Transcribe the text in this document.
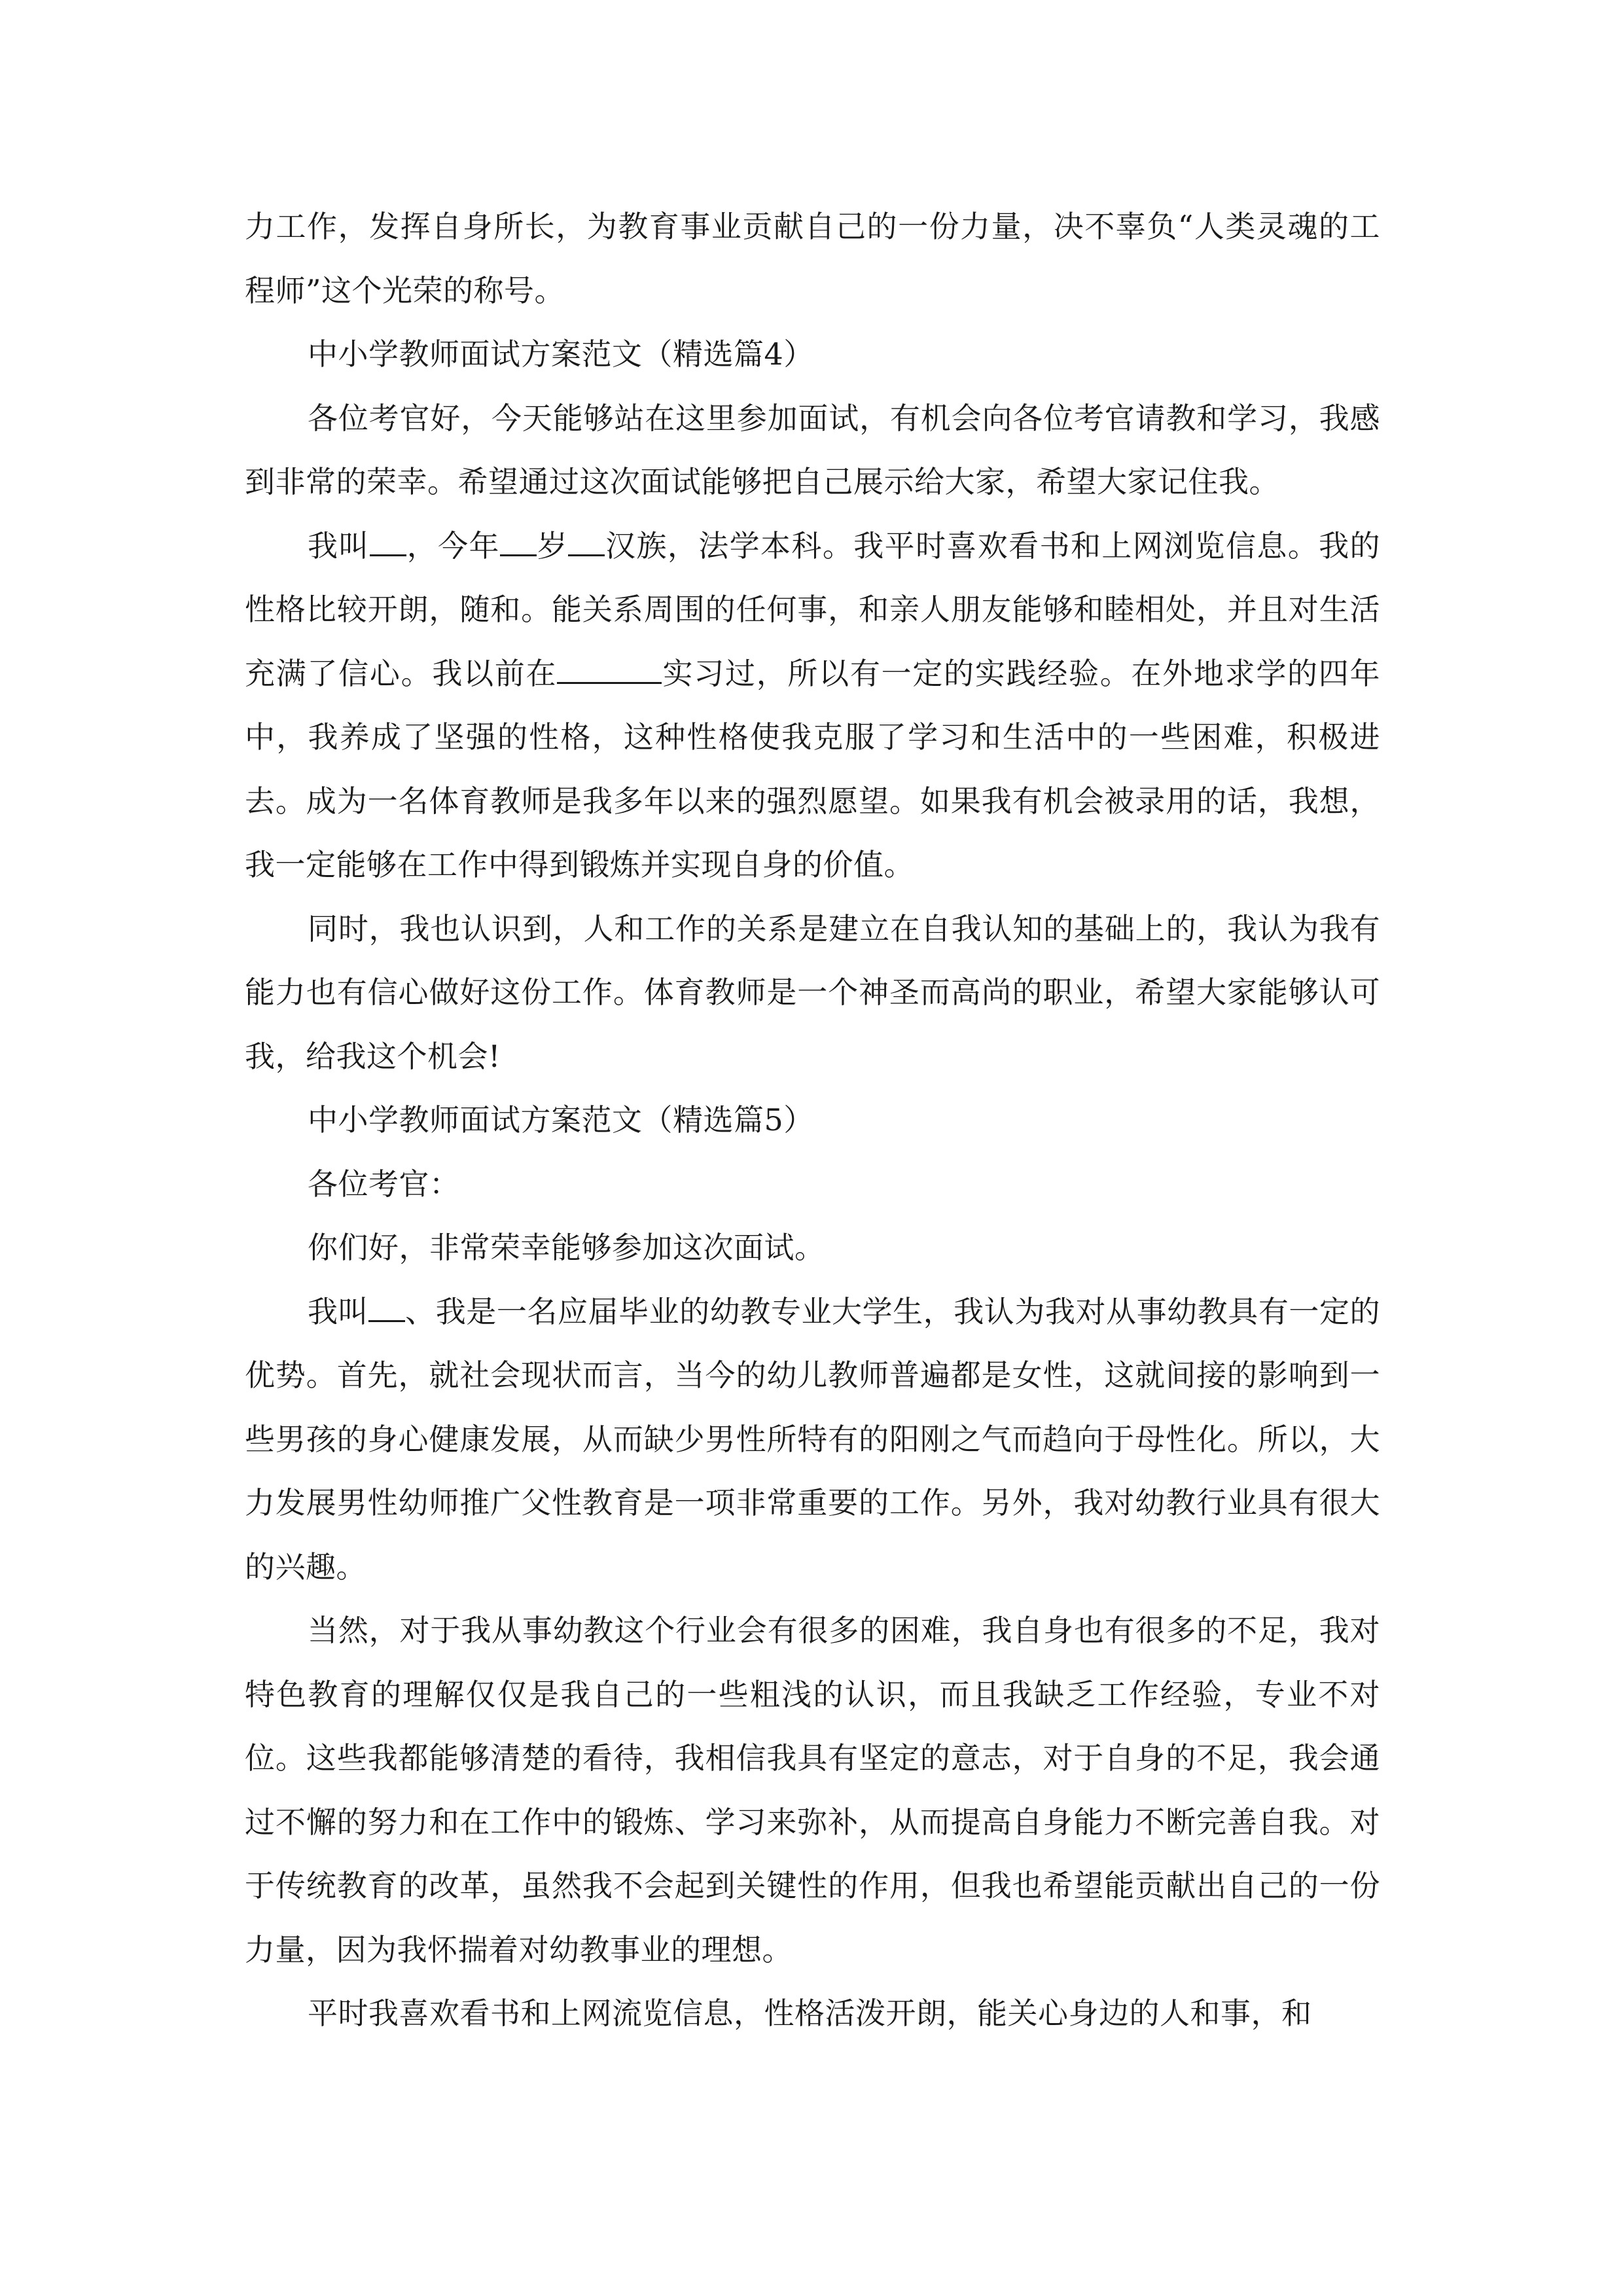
力工作，发挥自身所长，为教育事业贡献自己的一份力量，决不辜负“人类灵魂的工程师”这个光荣的称号。

中小学教师面试方案范文（精选篇4）

各位考官好，今天能够站在这里参加面试，有机会向各位考官请教和学习，我感到非常的荣幸。希望通过这次面试能够把自己展示给大家，希望大家记住我。

我叫 ，今年 岁 汉族，法学本科。我平时喜欢看书和上网浏览信息。我的性格比较开朗，随和。能关系周围的任何事，和亲人朋友能够和睦相处，并且对生活充满了信心。我以前在	实习过，所以有一定的实践经验。在外地求学的四年中，我养成了坚强的性格，这种性格使我克服了学习和生活中的一些困难，积极进去。成为一名体育教师是我多年以来的强烈愿望。如果我有机会被录用的话，我想，我一定能够在工作中得到锻炼并实现自身的价值。

同时，我也认识到，人和工作的关系是建立在自我认知的基础上的，我认为我有能力也有信心做好这份工作。体育教师是一个神圣而高尚的职业，希望大家能够认可我，给我这个机会!

中小学教师面试方案范文（精选篇5）

各位考官：

你们好，非常荣幸能够参加这次面试。

我叫 、我是一名应届毕业的幼教专业大学生，我认为我对从事幼教具有一定的优势。首先，就社会现状而言，当今的幼儿教师普遍都是女性，这就间接的影响到一些男孩的身心健康发展，从而缺少男性所特有的阳刚之气而趋向于母性化。所以，大力发展男性幼师推广父性教育是一项非常重要的工作。另外，我对幼教行业具有很大的兴趣。

当然，对于我从事幼教这个行业会有很多的困难，我自身也有很多的不足，我对特色教育的理解仅仅是我自己的一些粗浅的认识，而且我缺乏工作经验，专业不对位。这些我都能够清楚的看待，我相信我具有坚定的意志，对于自身的不足，我会通过不懈的努力和在工作中的锻炼、学习来弥补，从而提高自身能力不断完善自我。对于传统教育的改革，虽然我不会起到关键性的作用，但我也希望能贡献出自己的一份力量，因为我怀揣着对幼教事业的理想。

平时我喜欢看书和上网流览信息，性格活泼开朗，能关心身边的人和事，和
